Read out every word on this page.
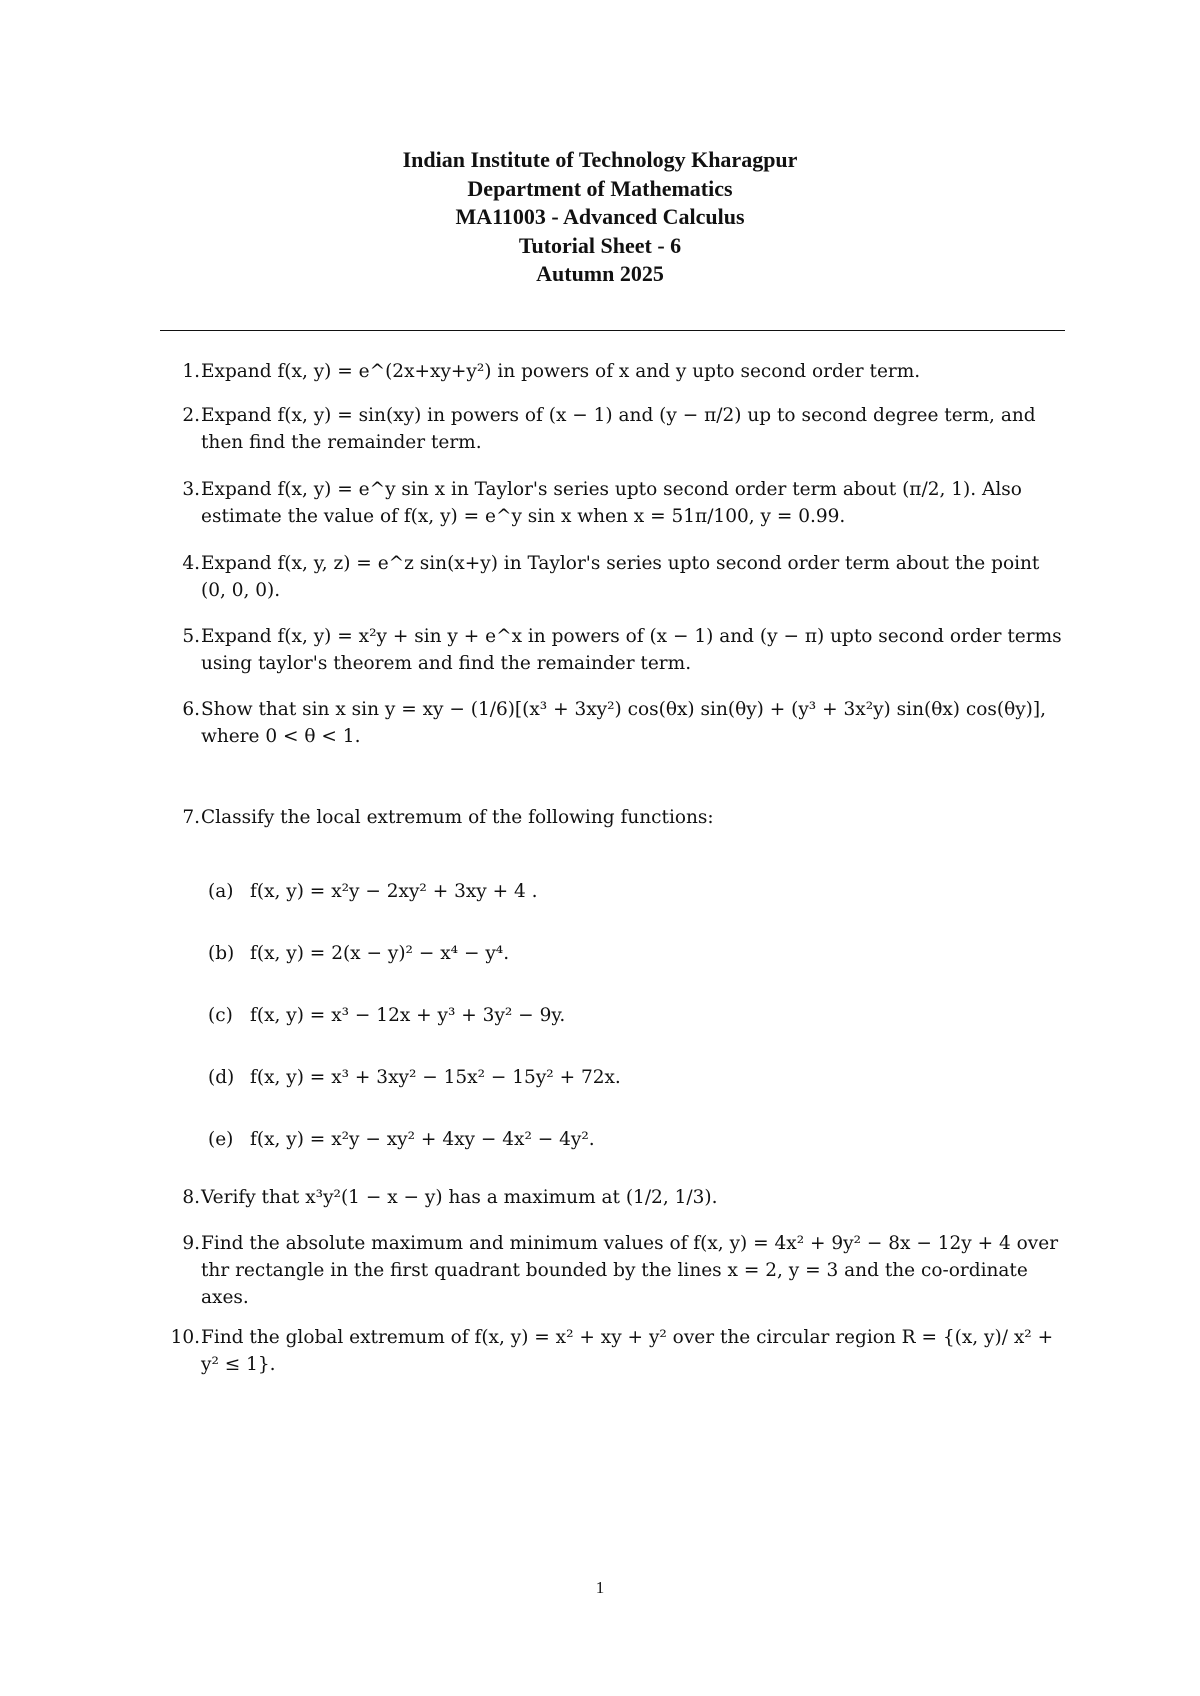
Indian Institute of Technology Kharagpur
Department of Mathematics
MA11003 - Advanced Calculus
Tutorial Sheet - 6
Autumn 2025
1. Expand f(x, y) = e^(2x+xy+y²) in powers of x and y upto second order term.
2. Expand f(x, y) = sin(xy) in powers of (x − 1) and (y − π/2) up to second degree term, and then find the remainder term.
3. Expand f(x, y) = e^y sin x in Taylor's series upto second order term about (π/2, 1). Also estimate the value of f(x, y) = e^y sin x when x = 51π/100, y = 0.99.
4. Expand f(x, y, z) = e^z sin(x+y) in Taylor's series upto second order term about the point (0, 0, 0).
5. Expand f(x, y) = x²y + sin y + e^x in powers of (x − 1) and (y − π) upto second order terms using taylor's theorem and find the remainder term.
6. Show that sin x sin y = xy − (1/6)[(x³ + 3xy²) cos(θx) sin(θy) + (y³ + 3x²y) sin(θx) cos(θy)], where 0 < θ < 1.
7. Classify the local extremum of the following functions:
8. Verify that x³y²(1 − x − y) has a maximum at (1/2, 1/3).
9. Find the absolute maximum and minimum values of f(x, y) = 4x² + 9y² − 8x − 12y + 4 over thr rectangle in the first quadrant bounded by the lines x = 2, y = 3 and the co-ordinate axes.
10. Find the global extremum of f(x, y) = x² + xy + y² over the circular region R = {(x, y)/ x² + y² ≤ 1}.
(a) f(x, y) = x²y − 2xy² + 3xy + 4 .
(b) f(x, y) = 2(x − y)² − x⁴ − y⁴.
(c) f(x, y) = x³ − 12x + y³ + 3y² − 9y.
(d) f(x, y) = x³ + 3xy² − 15x² − 15y² + 72x.
(e) f(x, y) = x²y − xy² + 4xy − 4x² − 4y².
1
